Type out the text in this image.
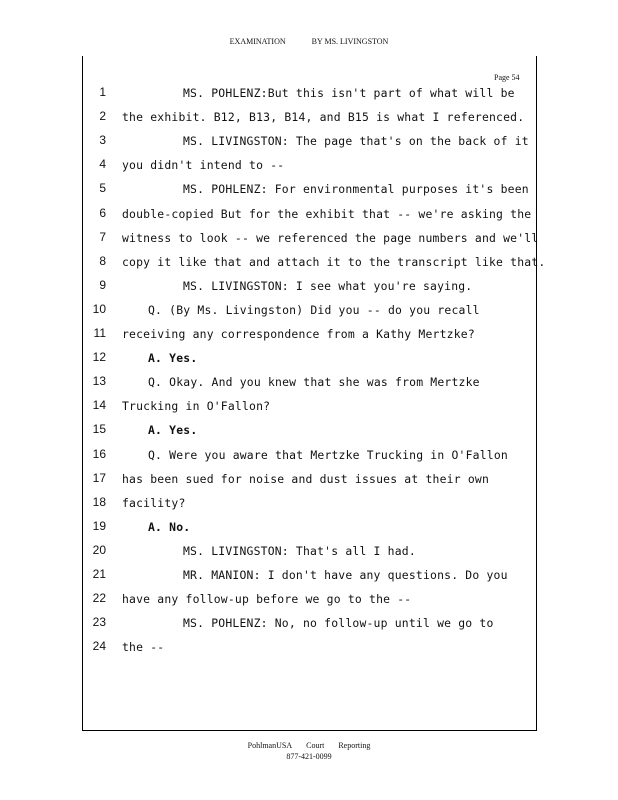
EXAMINATION	BY MS. LIVINGSTON
Page 54
1	MS. POHLENZ:But this isn't part of what will be
2 the exhibit. B12, B13, B14, and B15 is what I referenced.
3	MS. LIVINGSTON: The page that's on the back of it
4 you didn't intend to --
5	MS. POHLENZ: For environmental purposes it's been
6 double-copied But for the exhibit that -- we're asking the
7 witness to look -- we referenced the page numbers and we'll
8 copy it like that and attach it to the transcript like that.
9	MS. LIVINGSTON: I see what you're saying.
10	Q. (By Ms. Livingston) Did you -- do you recall
11 receiving any correspondence from a Kathy Mertzke?
12	A. Yes.
13	Q. Okay. And you knew that she was from Mertzke
14 Trucking in O'Fallon?
15	A. Yes.
16	Q. Were you aware that Mertzke Trucking in O'Fallon
17 has been sued for noise and dust issues at their own
18 facility?
19	A. No.
20	MS. LIVINGSTON: That's all I had.
21	MR. MANION: I don't have any questions. Do you
22 have any follow-up before we go to the --
23	MS. POHLENZ: No, no follow-up until we go to
24 the --
PohlmanUSA Court Reporting
877-421-0099
